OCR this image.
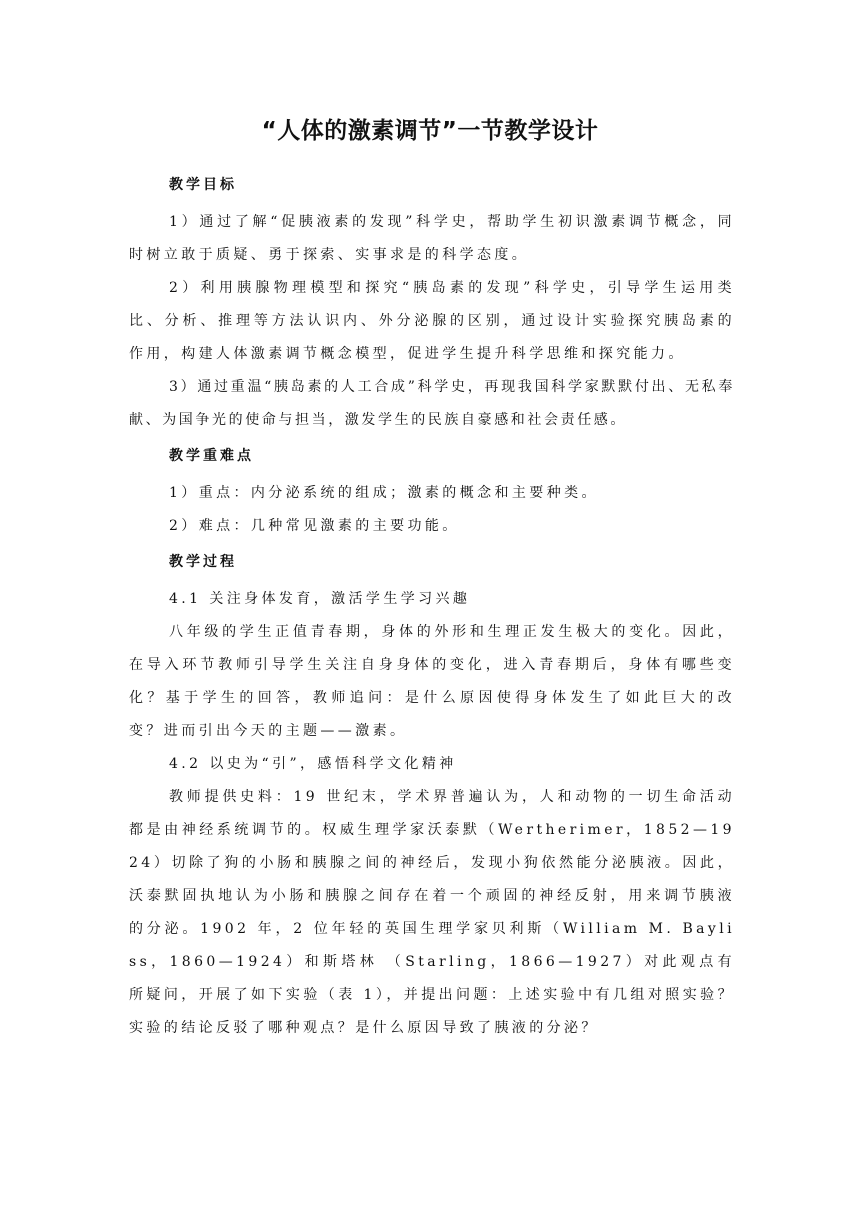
“人体的激素调节”一节教学设计
教学目标

1）通过了解“促胰液素的发现”科学史，帮助学生初识激素调节概念，同时树立敢于质疑、勇于探索、实事求是的科学态度。

2）利用胰腺物理模型和探究“胰岛素的发现”科学史，引导学生运用类比、分析、推理等方法认识内、外分泌腺的区别，通过设计实验探究胰岛素的作用，构建人体激素调节概念模型，促进学生提升科学思维和探究能力。

3）通过重温“胰岛素的人工合成”科学史，再现我国科学家默默付出、无私奉献、为国争光的使命与担当，激发学生的民族自豪感和社会责任感。

教学重难点

1）重点：内分泌系统的组成；激素的概念和主要种类。

2）难点：几种常见激素的主要功能。

教学过程

4.1 关注身体发育，激活学生学习兴趣

八年级的学生正值青春期，身体的外形和生理正发生极大的变化。因此，在导入环节教师引导学生关注自身身体的变化，进入青春期后，身体有哪些变化？基于学生的回答，教师追问：是什么原因使得身体发生了如此巨大的改变？进而引出今天的主题——激素。

4.2 以史为“引”，感悟科学文化精神

教师提供史料：19 世纪末，学术界普遍认为，人和动物的一切生命活动都是由神经系统调节的。权威生理学家沃泰默（Wertherimer，1852—1924）切除了狗的小肠和胰腺之间的神经后，发现小狗依然能分泌胰液。因此，沃泰默固执地认为小肠和胰腺之间存在着一个顽固的神经反射，用来调节胰液的分泌。1902 年，2 位年轻的英国生理学家贝利斯（William M. Bayliss，1860—1924）和斯塔林 （Starling，1866—1927）对此观点有所疑问，开展了如下实验（表 1），并提出问题：上述实验中有几组对照实验？实验的结论反驳了哪种观点？是什么原因导致了胰液的分泌？
